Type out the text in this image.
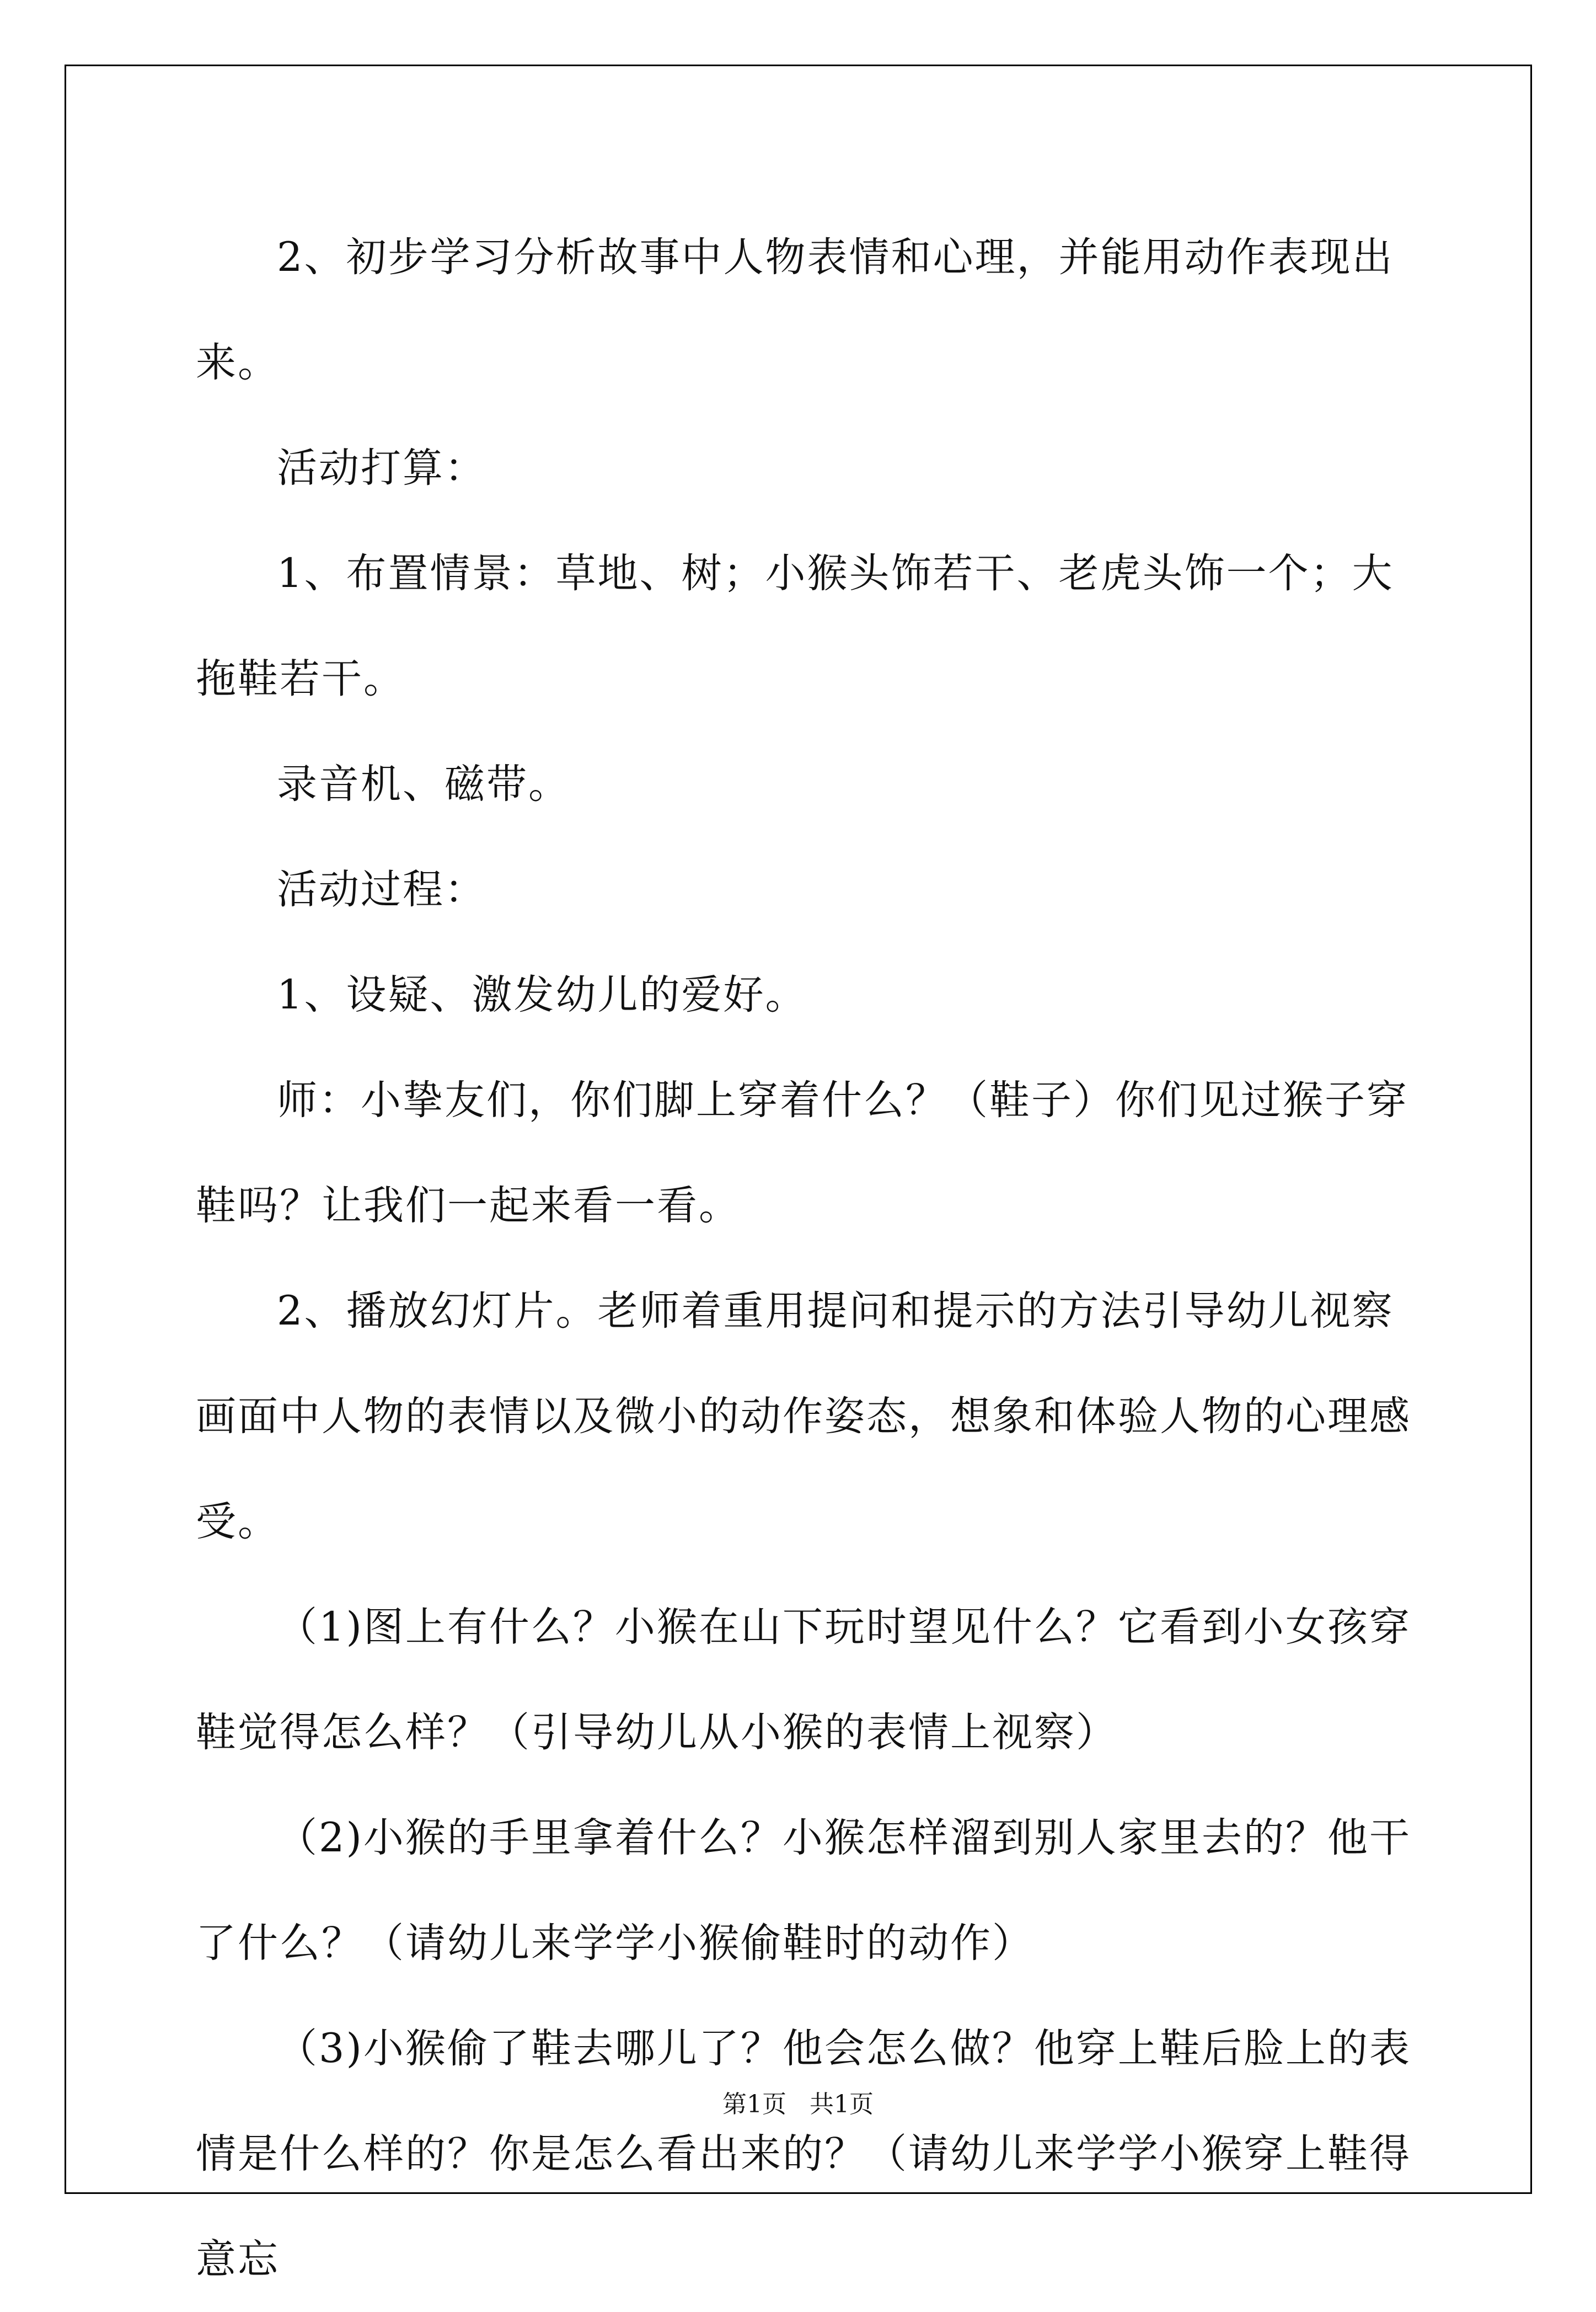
2、初步学习分析故事中人物表情和心理，并能用动作表现出来。

活动打算：

1、布置情景：草地、树；小猴头饰若干、老虎头饰一个；大拖鞋若干。

录音机、磁带。

活动过程：

1、设疑、激发幼儿的爱好。

师：小挚友们，你们脚上穿着什么？（鞋子）你们见过猴子穿鞋吗？让我们一起来看一看。

2、播放幻灯片。老师着重用提问和提示的方法引导幼儿视察画面中人物的表情以及微小的动作姿态，想象和体验人物的心理感受。

（1)图上有什么？小猴在山下玩时望见什么？它看到小女孩穿鞋觉得怎么样？（引导幼儿从小猴的表情上视察）

（2)小猴的手里拿着什么？小猴怎样溜到别人家里去的？他干了什么？（请幼儿来学学小猴偷鞋时的动作）

（3)小猴偷了鞋去哪儿了？他会怎么做？他穿上鞋后脸上的表情是什么样的？你是怎么看出来的？（请幼儿来学学小猴穿上鞋得意忘

第1页 共1页
